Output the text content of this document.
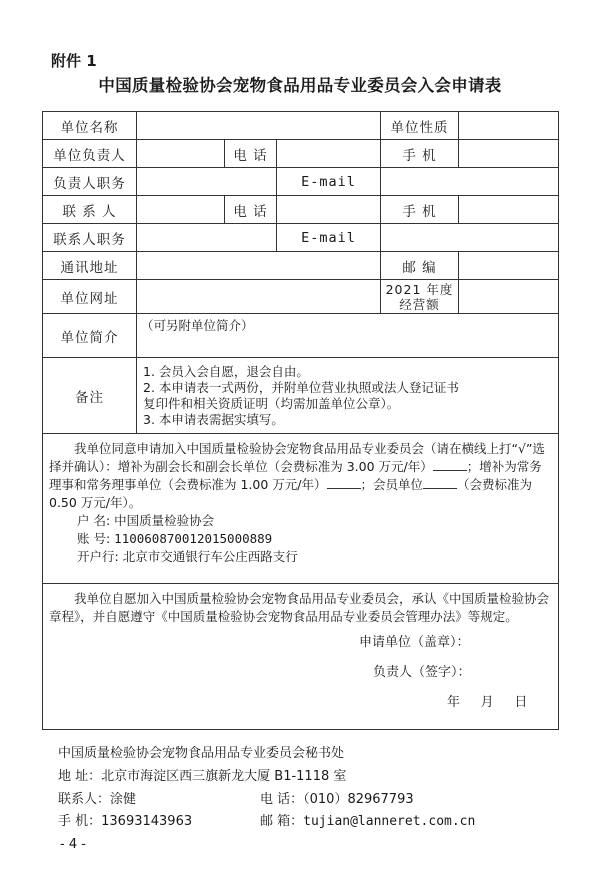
附件 1
中国质量检验协会宠物食品用品专业委员会入会申请表
单位名称				单位性质	
单位负责人		电 话		手 机	
负责人职务			E-mail		
联 系 人		电 话		手 机	
联系人职务			E-mail		
通讯地址				邮 编	
单位网址				2021 年度
经营额	

单位简介	（可另附单位简介）				
备注	1. 会员入会自愿，退会自由。
2. 本申请表一式两份，并附单位营业执照或法人登记证书
复印件和相关资质证明（均需加盖单位公章）。
3. 本申请表需据实填写。				

我单位同意申请加入中国质量检验协会宠物食品用品专业委员会（请在横线上打“√”选择并确认）：增补为副会长和副会长单位（会费标准为 3.00 万元/年） ；增补为常务理事和常务理事单位（会费标准为 1.00 万元/年） ；会员单位 （会费标准为 0.50 万元/年）。
户 名: 中国质量检验协会
账 号: 110060870012015000889
开户行: 北京市交通银行车公庄西路支行					

我单位自愿加入中国质量检验协会宠物食品用品专业委员会，承认《中国质量检验协会章程》，并自愿遵守《中国质量检验协会宠物食品用品专业委员会管理办法》等规定。
申请单位（盖章）：
负责人（签字）：
年     月     日					
中国质量检验协会宠物食品用品专业委员会秘书处
地 址：北京市海淀区西三旗新龙大厦 B1-1118 室
联系人：涂健	电 话：（010）82967793
手 机：13693143963	邮 箱：tujian@lanneret.com.cn
- 4 -
